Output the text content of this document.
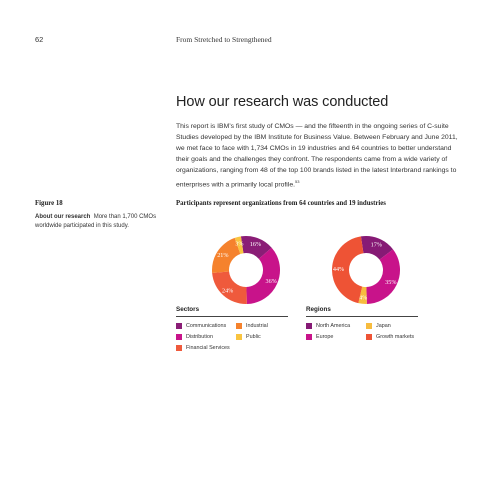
62	From Stretched to Strengthened
How our research was conducted

This report is IBM’s first study of CMOs — and the fifteenth in the ongoing series of C-suite Studies developed by the IBM Institute for Business Value. Between February and June 2011, we met face to face with 1,734 CMOs in 19 industries and 64 countries to better understand their goals and the challenges they confront. The respondents came from a wide variety of organizations, ranging from 48 of the top 100 brands listed in the latest Interbrand rankings to enterprises with a primarily local profile.$^{53}$

Figure 18
About our research More than 1,700 CMOs worldwide participated in this study.
Participants represent organizations from 64 countries and 19 industries
16%
36%
24%
21%
3%	17%
35%
4%
44%
Sectors
Communications	Industrial
Distribution	Public
Financial Services
Regions
North America	Japan
Europe	Growth markets
